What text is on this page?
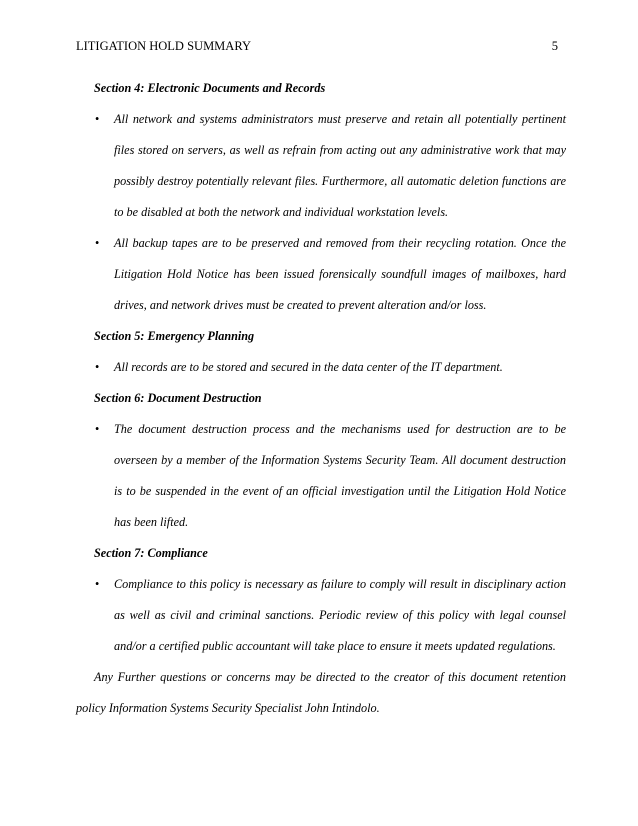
LITIGATION HOLD SUMMARY	5
Section 4: Electronic Documents and Records
• All network and systems administrators must preserve and retain all potentially pertinent files stored on servers, as well as refrain from acting out any administrative work that may possibly destroy potentially relevant files. Furthermore, all automatic deletion functions are to be disabled at both the network and individual workstation levels.
• All backup tapes are to be preserved and removed from their recycling rotation. Once the Litigation Hold Notice has been issued forensically soundfull images of mailboxes, hard drives, and network drives must be created to prevent alteration and/or loss.
Section 5: Emergency Planning
• All records are to be stored and secured in the data center of the IT department.
Section 6: Document Destruction
• The document destruction process and the mechanisms used for destruction are to be overseen by a member of the Information Systems Security Team. All document destruction is to be suspended in the event of an official investigation until the Litigation Hold Notice has been lifted.
Section 7: Compliance
• Compliance to this policy is necessary as failure to comply will result in disciplinary action as well as civil and criminal sanctions. Periodic review of this policy with legal counsel and/or a certified public accountant will take place to ensure it meets updated regulations.
Any Further questions or concerns may be directed to the creator of this document retention policy Information Systems Security Specialist John Intindolo.
